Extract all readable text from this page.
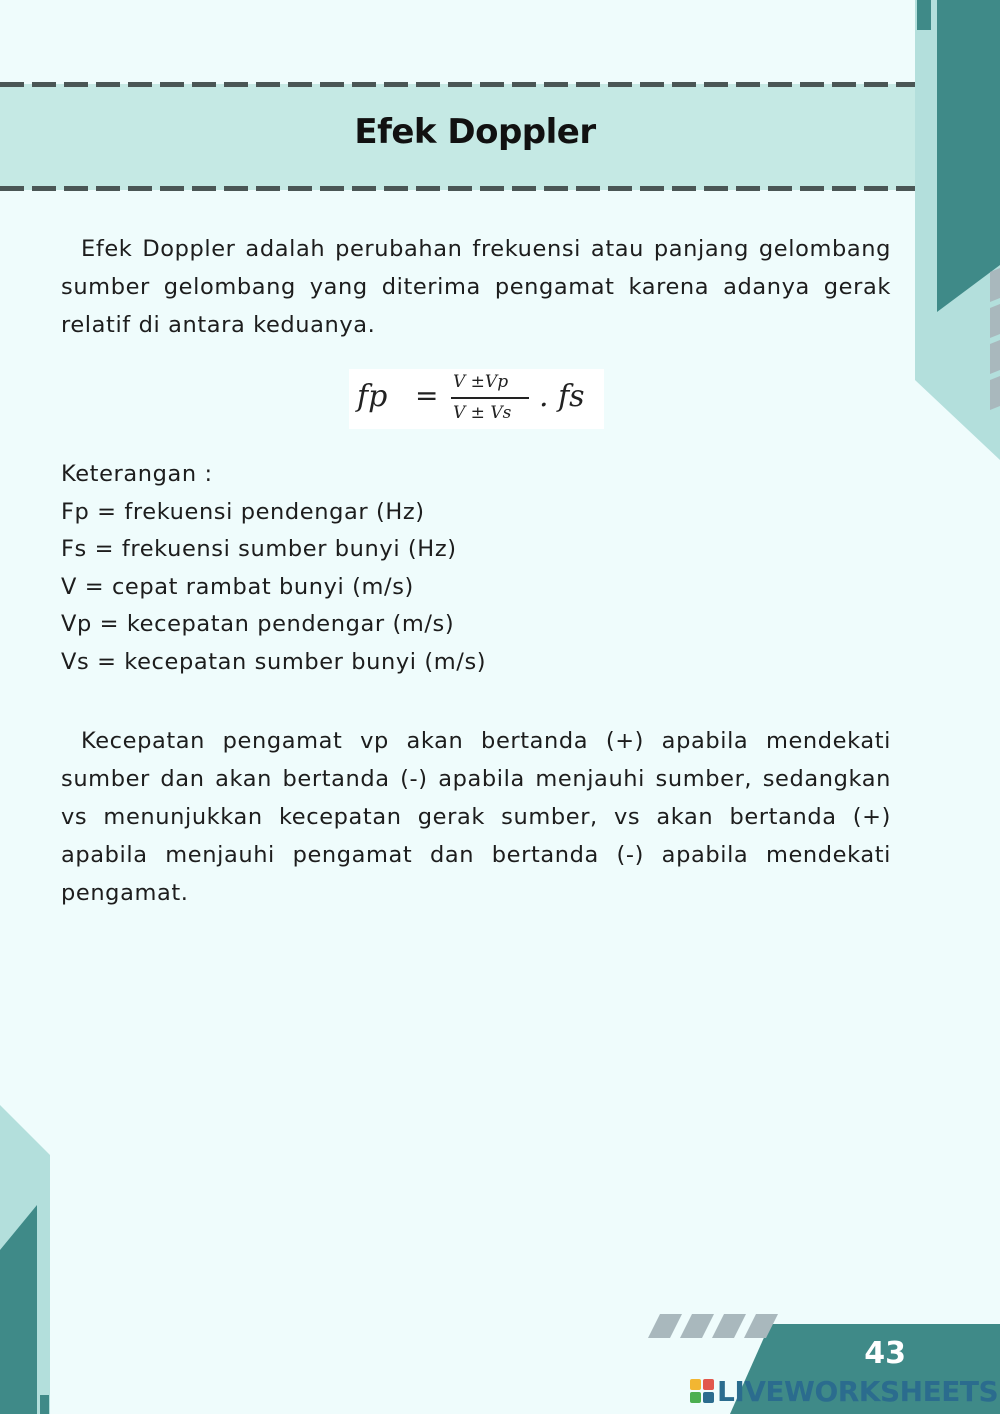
Efek Doppler

Efek Doppler adalah perubahan frekuensi atau panjang gelombang sumber gelombang yang diterima pengamat karena adanya gerak relatif di antara keduanya.

fp = V ±Vp
V ± Vs . fs
Keterangan :
Fp = frekuensi pendengar (Hz)
Fs = frekuensi sumber bunyi (Hz)
V = cepat rambat bunyi (m/s)
Vp = kecepatan pendengar (m/s)
Vs = kecepatan sumber bunyi (m/s)

Kecepatan pengamat vp akan bertanda (+) apabila mendekati sumber dan akan bertanda (-) apabila menjauhi sumber, sedangkan vs menunjukkan kecepatan gerak sumber, vs akan bertanda (+) apabila menjauhi pengamat dan bertanda (-) apabila mendekati pengamat.

43
LIVEWORKSHEETS
